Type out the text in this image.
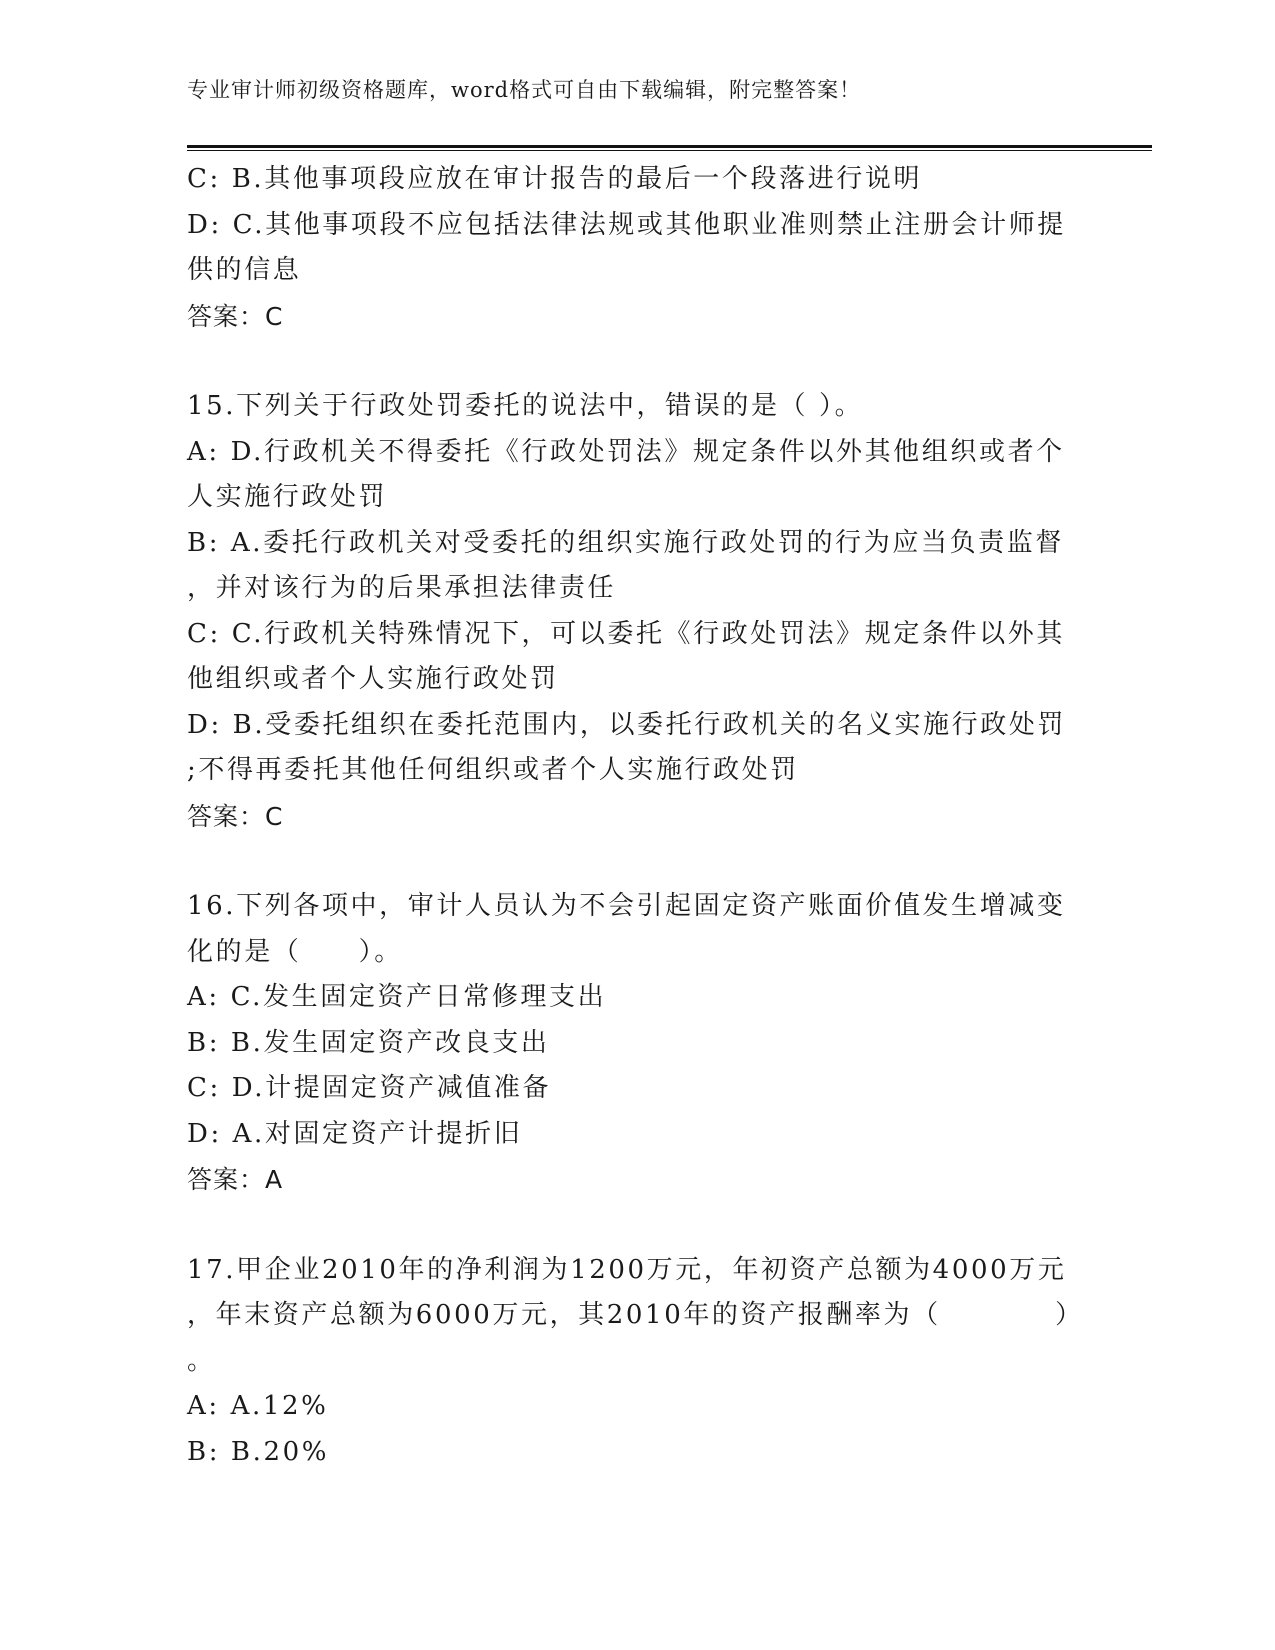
专业审计师初级资格题库，word格式可自由下载编辑，附完整答案！
C: B.其他事项段应放在审计报告的最后一个段落进行说明
D: C.其他事项段不应包括法律法规或其他职业准则禁止注册会计师提
供的信息
答案：C
15.下列关于行政处罚委托的说法中，错误的是（ ）。
A: D.行政机关不得委托《行政处罚法》规定条件以外其他组织或者个
人实施行政处罚
B: A.委托行政机关对受委托的组织实施行政处罚的行为应当负责监督
，并对该行为的后果承担法律责任
C: C.行政机关特殊情况下，可以委托《行政处罚法》规定条件以外其
他组织或者个人实施行政处罚
D: B.受委托组织在委托范围内，以委托行政机关的名义实施行政处罚
;不得再委托其他任何组织或者个人实施行政处罚
答案：C
16.下列各项中，审计人员认为不会引起固定资产账面价值发生增减变
化的是（　　）。
A: C.发生固定资产日常修理支出
B: B.发生固定资产改良支出
C: D.计提固定资产减值准备
D: A.对固定资产计提折旧
答案：A
17.甲企业2010年的净利润为1200万元，年初资产总额为4000万元
，年末资产总额为6000万元，其2010年的资产报酬率为（　　　　）
。
A: A.12%
B: B.20%
